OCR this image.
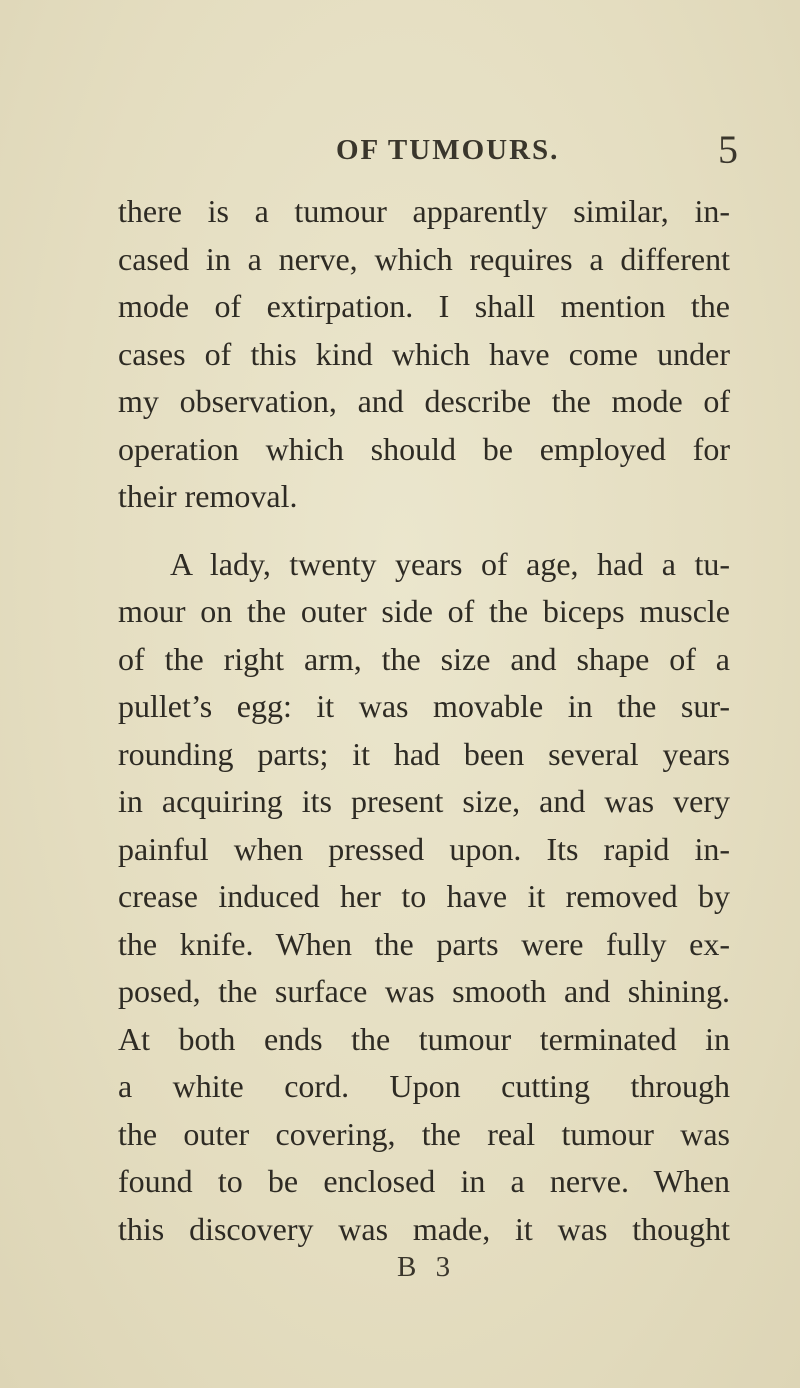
OF TUMOURS.	5
there is a tumour apparently similar, in-
cased in a nerve, which requires a different
mode of extirpation. I shall mention the
cases of this kind which have come under
my observation, and describe the mode of
operation which should be employed for
their removal.
A lady, twenty years of age, had a tu-
mour on the outer side of the biceps muscle
of the right arm, the size and shape of a
pullet’s egg: it was movable in the sur-
rounding parts; it had been several years
in acquiring its present size, and was very
painful when pressed upon. Its rapid in-
crease induced her to have it removed by
the knife. When the parts were fully ex-
posed, the surface was smooth and shining.
At both ends the tumour terminated in
a white cord. Upon cutting through
the outer covering, the real tumour was
found to be enclosed in a nerve. When
this discovery was made, it was thought
B 3
